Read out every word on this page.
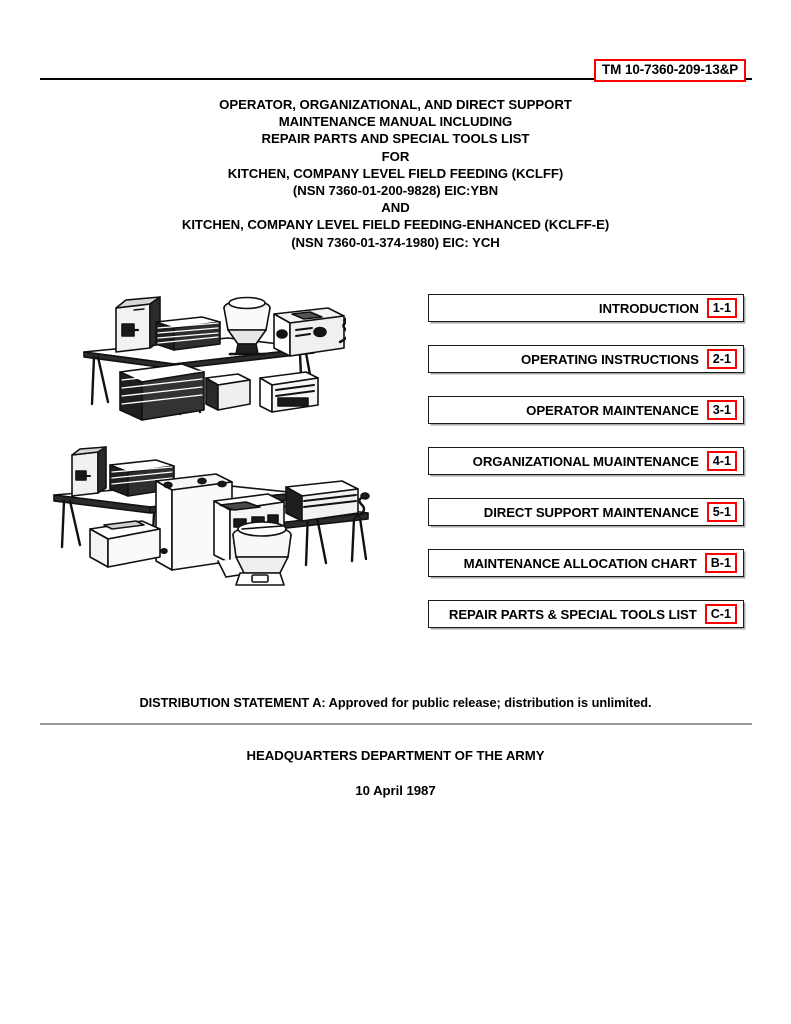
TM 10-7360-209-13&P
OPERATOR, ORGANIZATIONAL, AND DIRECT SUPPORT
MAINTENANCE MANUAL INCLUDING
REPAIR PARTS AND SPECIAL TOOLS LIST
FOR
KITCHEN, COMPANY LEVEL FIELD FEEDING (KCLFF)
(NSN 7360-01-200-9828) EIC:YBN
AND
KITCHEN, COMPANY LEVEL FIELD FEEDING-ENHANCED (KCLFF-E)
(NSN 7360-01-374-1980) EIC: YCH
INTRODUCTION	1-1
OPERATING INSTRUCTIONS	2-1
OPERATOR MAINTENANCE	3-1
ORGANIZATIONAL MUAINTENANCE	4-1
DIRECT SUPPORT MAINTENANCE	5-1
MAINTENANCE ALLOCATION CHART	B-1
REPAIR PARTS & SPECIAL TOOLS LIST	C-1
DISTRIBUTION STATEMENT A: Approved for public release; distribution is unlimited.
HEADQUARTERS DEPARTMENT OF THE ARMY
10 April 1987
